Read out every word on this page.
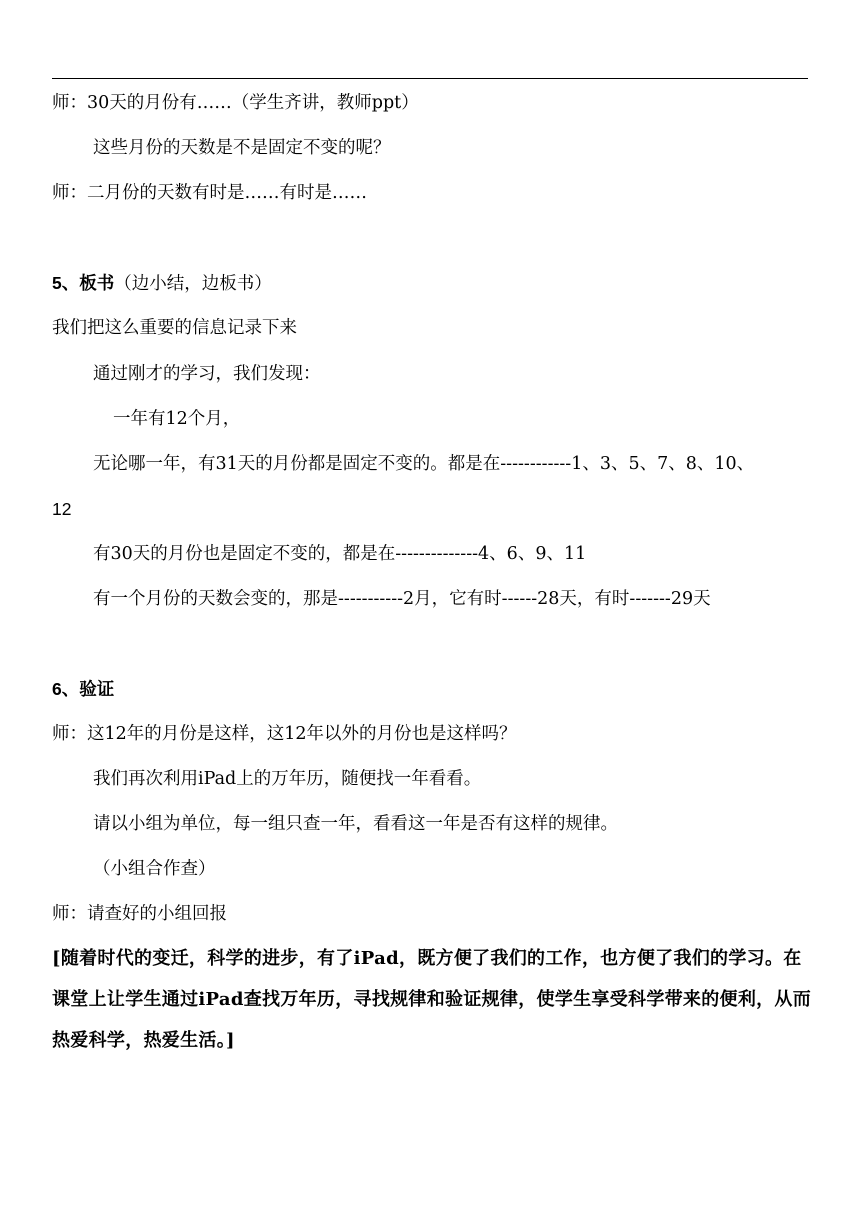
师：30天的月份有……（学生齐讲，教师ppt）
这些月份的天数是不是固定不变的呢？
师：二月份的天数有时是……有时是……
5、板书（边小结，边板书）
我们把这么重要的信息记录下来
通过刚才的学习，我们发现：
一年有12个月，
无论哪一年，有31天的月份都是固定不变的。都是在------------1、3、5、7、8、10、
12
有30天的月份也是固定不变的，都是在--------------4、6、9、11
有一个月份的天数会变的，那是-----------2月，它有时------28天，有时-------29天
6、验证
师：这12年的月份是这样，这12年以外的月份也是这样吗？
我们再次利用iPad上的万年历，随便找一年看看。
请以小组为单位，每一组只查一年，看看这一年是否有这样的规律。
（小组合作查）
师：请查好的小组回报
[随着时代的变迁，科学的进步，有了iPad，既方便了我们的工作，也方便了我们的学习。在课堂上让学生通过iPad查找万年历，寻找规律和验证规律，使学生享受科学带来的便利，从而热爱科学，热爱生活。]
